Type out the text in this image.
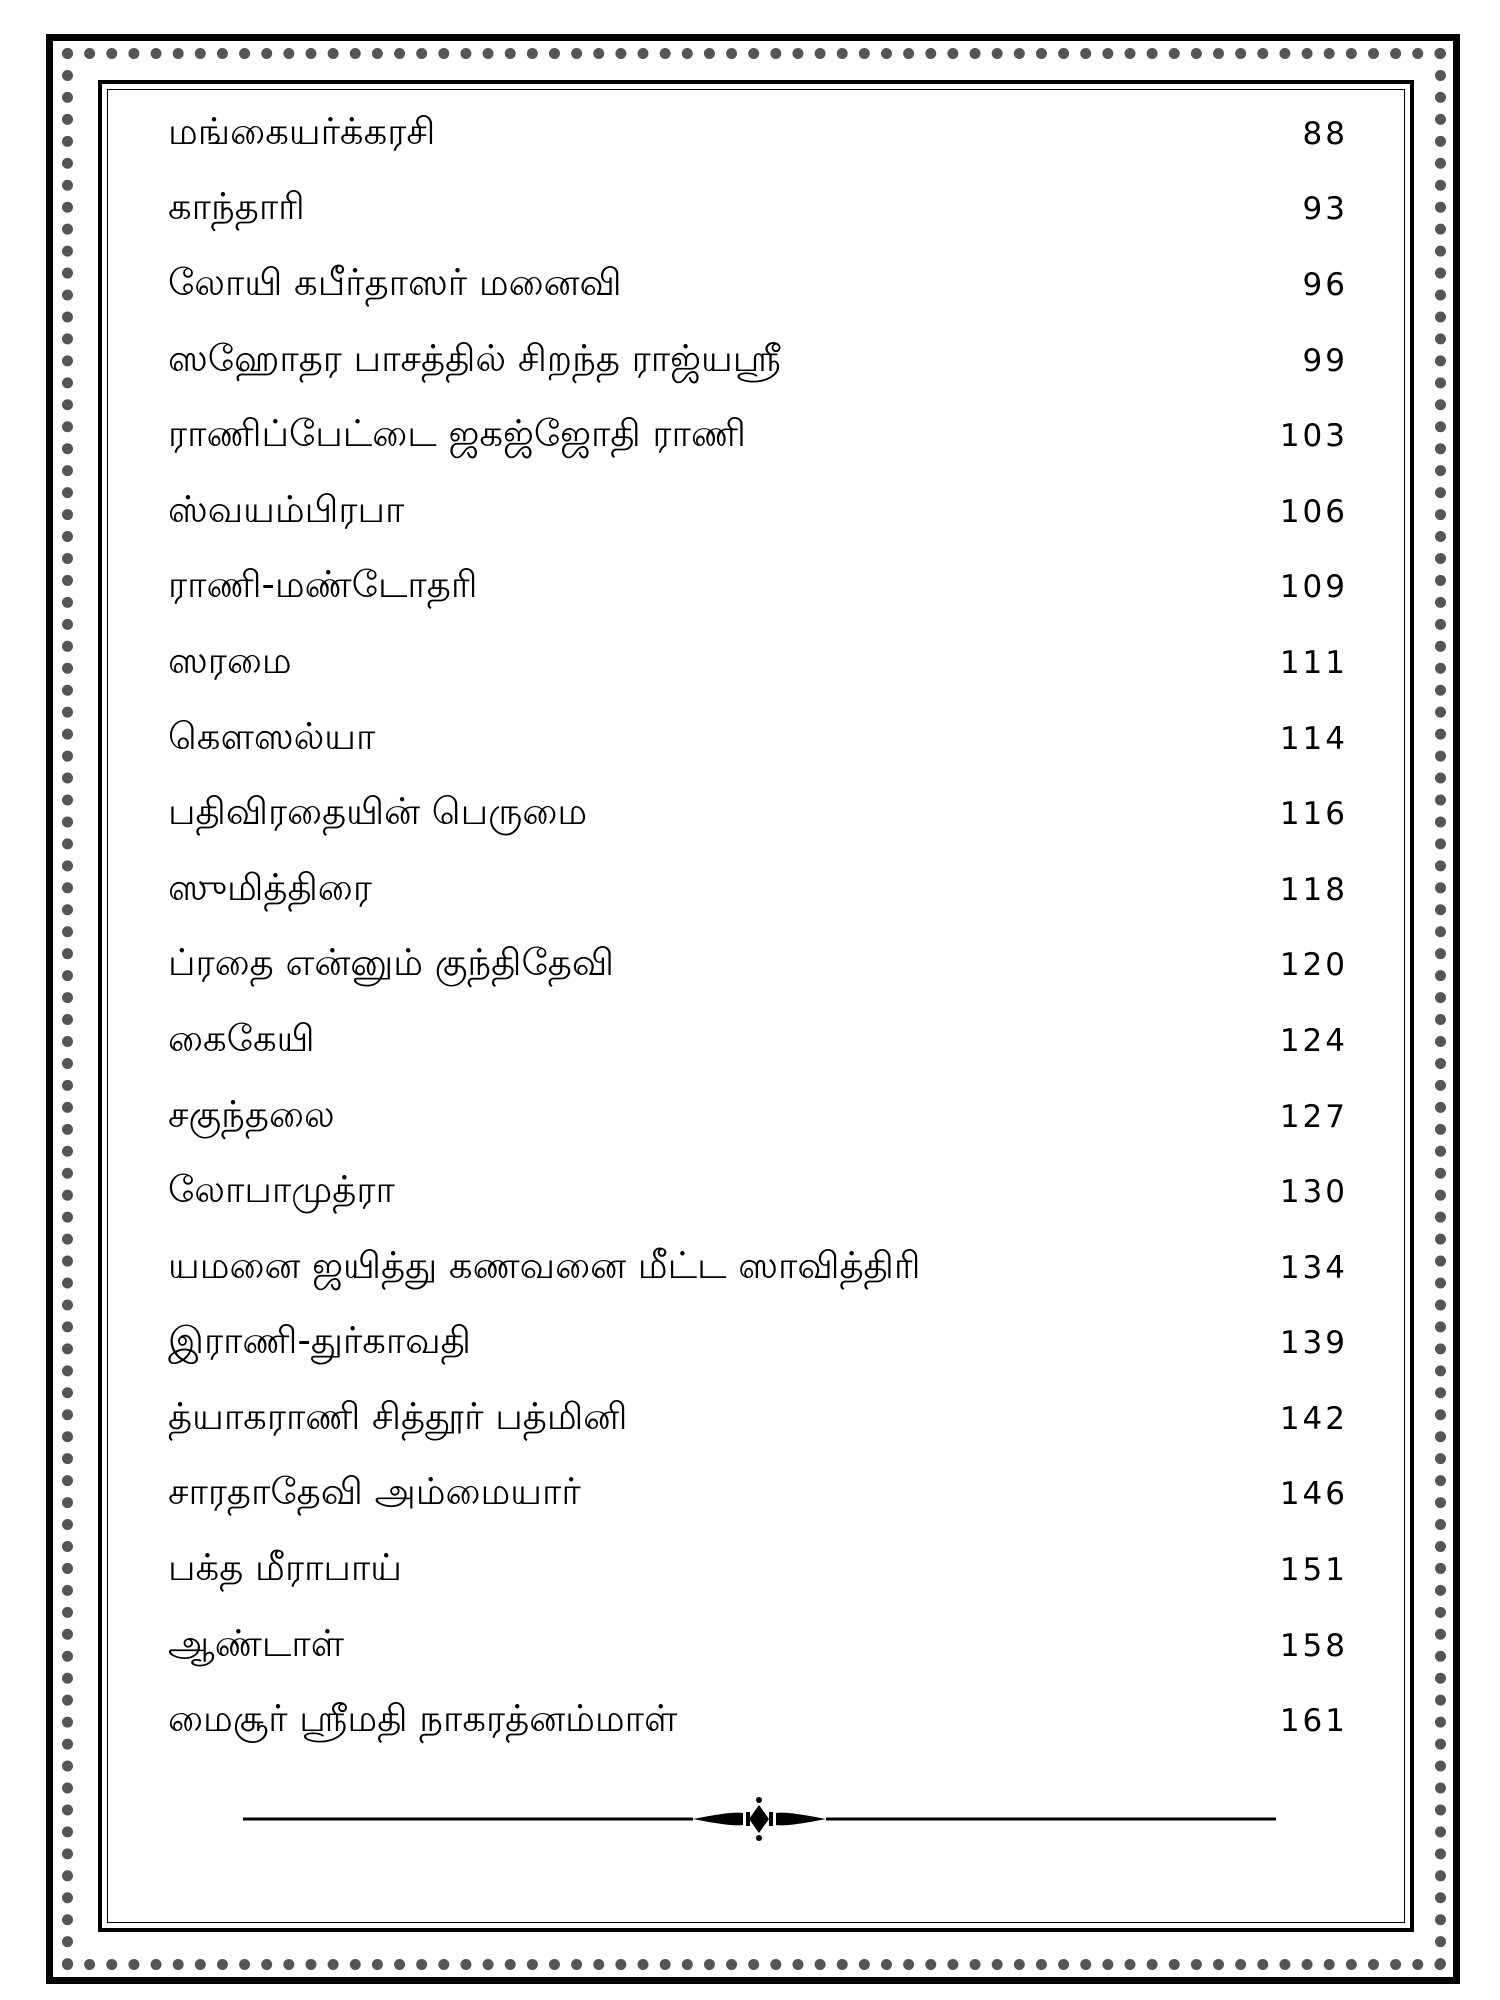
மங்கையர்க்கரசி	88
காந்தாரி	93
லோயி கபீர்தாஸர் மனைவி	96
ஸஹோதர பாசத்தில் சிறந்த ராஜ்யஸ்ரீ	99
ராணிப்பேட்டை ஜகஜ்ஜோதி ராணி	103
ஸ்வயம்பிரபா	106
ராணி-மண்டோதரி	109
ஸரமை	111
கௌஸல்யா	114
பதிவிரதையின் பெருமை	116
ஸுமித்திரை	118
ப்ரதை என்னும் குந்திதேவி	120
கைகேயி	124
சகுந்தலை	127
லோபாமுத்ரா	130
யமனை ஜயித்து கணவனை மீட்ட ஸாவித்திரி	134
இராணி-துர்காவதி	139
த்யாகராணி சித்தூர் பத்மினி	142
சாரதாதேவி அம்மையார்	146
பக்த மீராபாய்	151
ஆண்டாள்	158
மைசூர் ஸ்ரீமதி நாகரத்னம்மாள்	161
